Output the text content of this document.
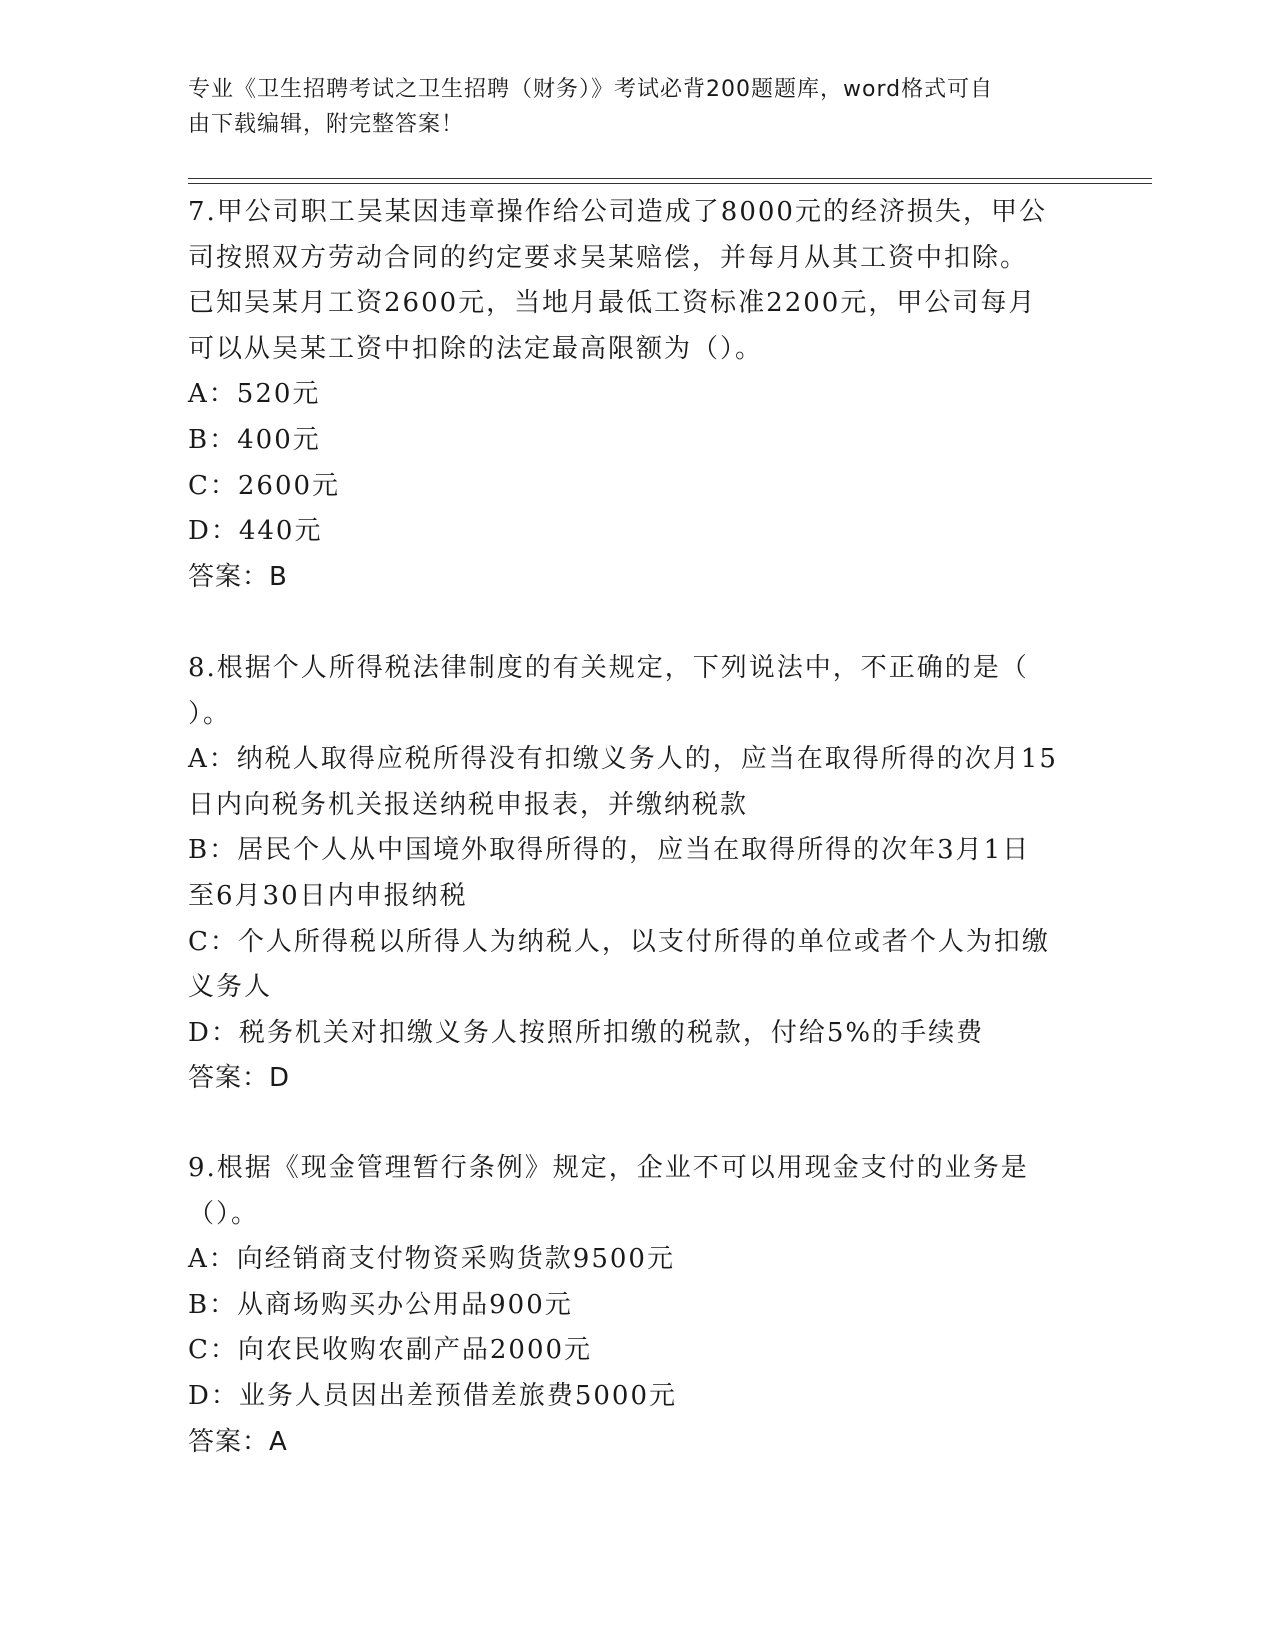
专业《卫生招聘考试之卫生招聘（财务）》考试必背200题题库，word格式可自
由下载编辑，附完整答案！
7.甲公司职工吴某因违章操作给公司造成了8000元的经济损失，甲公
司按照双方劳动合同的约定要求吴某赔偿，并每月从其工资中扣除。
已知吴某月工资2600元，当地月最低工资标准2200元，甲公司每月
可以从吴某工资中扣除的法定最高限额为（）。
A：520元
B：400元
C：2600元
D：440元
答案：B
8.根据个人所得税法律制度的有关规定，下列说法中，不正确的是（
）。
A：纳税人取得应税所得没有扣缴义务人的，应当在取得所得的次月15
日内向税务机关报送纳税申报表，并缴纳税款
B：居民个人从中国境外取得所得的，应当在取得所得的次年3月1日
至6月30日内申报纳税
C：个人所得税以所得人为纳税人，以支付所得的单位或者个人为扣缴
义务人
D：税务机关对扣缴义务人按照所扣缴的税款，付给5%的手续费
答案：D
9.根据《现金管理暂行条例》规定，企业不可以用现金支付的业务是
（）。
A：向经销商支付物资采购货款9500元
B：从商场购买办公用品900元
C：向农民收购农副产品2000元
D：业务人员因出差预借差旅费5000元
答案：A
